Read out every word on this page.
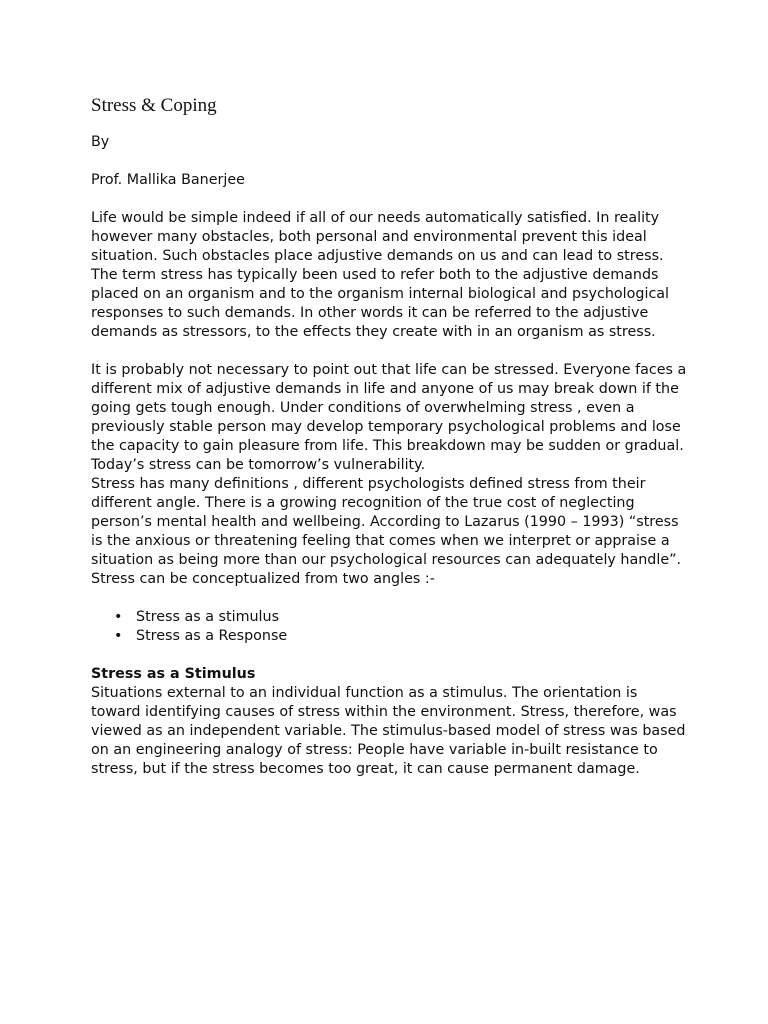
Stress & Coping

By

Prof. Mallika Banerjee

Life would be simple indeed if all of our needs automatically satisfied. In reality however many obstacles, both personal and environmental prevent this ideal situation. Such obstacles place adjustive demands on us and can lead to stress. The term stress has typically been used to refer both to the adjustive demands placed on an organism and to the organism internal biological and psychological responses to such demands. In other words it can be referred to the adjustive demands as stressors, to the effects they create with in an organism as stress.

It is probably not necessary to point out that life can be stressed. Everyone faces a different mix of adjustive demands in life and anyone of us may break down if the going gets tough enough. Under conditions of overwhelming stress , even a previously stable person may develop temporary psychological problems and lose the capacity to gain pleasure from life. This breakdown may be sudden or gradual. Today’s stress can be tomorrow’s vulnerability.

Stress has many definitions , different psychologists defined stress from their different angle. There is a growing recognition of the true cost of neglecting person’s mental health and wellbeing. According to Lazarus (1990 – 1993) “stress is the anxious or threatening feeling that comes when we interpret or appraise a situation as being more than our psychological resources can adequately handle”. Stress can be conceptualized from two angles :-

• Stress as a stimulus
• Stress as a Response
Stress as a Stimulus

Situations external to an individual function as a stimulus. The orientation is toward identifying causes of stress within the environment. Stress, therefore, was viewed as an independent variable. The stimulus-based model of stress was based on an engineering analogy of stress: People have variable in-built resistance to stress, but if the stress becomes too great, it can cause permanent damage.
